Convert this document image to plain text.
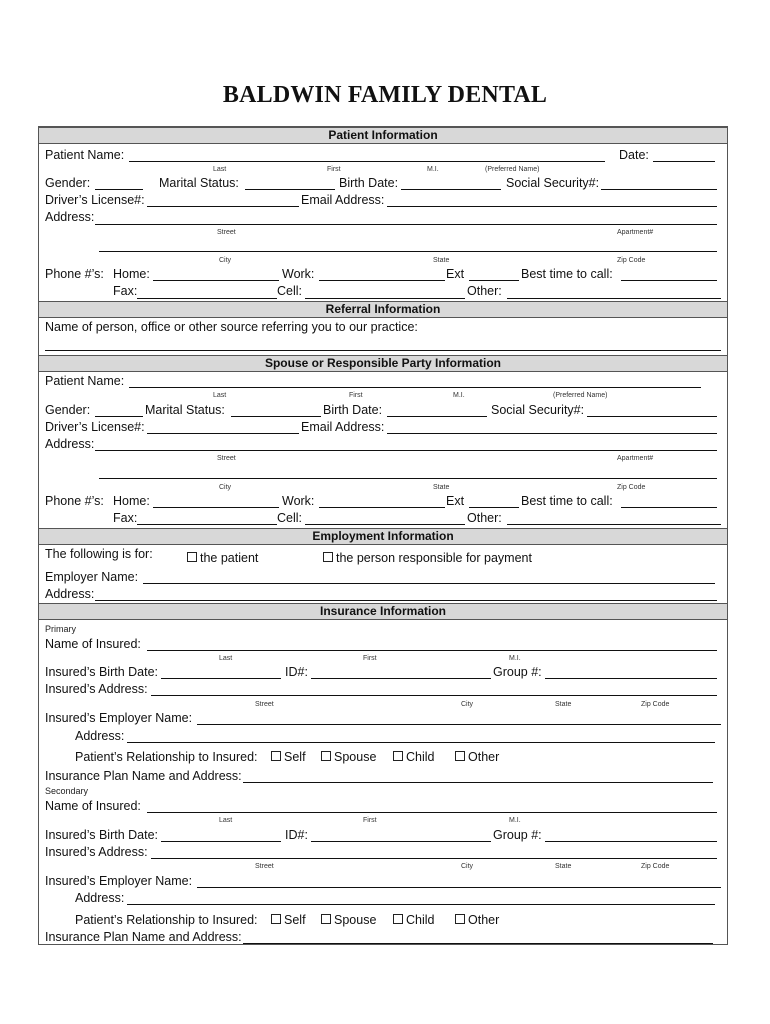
BALDWIN FAMILY DENTAL
Patient Information
Patient Name:	Date:
Last	First	M.I.	(Preferred Name)
Gender:	Marital Status:	Birth Date:	Social Security#:
Driver’s License#:	Email Address:
Address:
Street	Apartment#
City	State	Zip Code
Phone #’s: Home:	Work:	Ext	Best time to call:
Fax:	Cell:	Other:
Referral Information
Name of person, office or other source referring you to our practice:
Spouse or Responsible Party Information
Patient Name:
Last	First	M.I.	(Preferred Name)
Gender:	Marital Status:	Birth Date:	Social Security#:
Driver’s License#:	Email Address:
Address:
Street	Apartment#
City	State	Zip Code
Phone #’s: Home:	Work:	Ext	Best time to call:
Fax:	Cell:	Other:
Employment Information
The following is for:	the patient	the person responsible for payment
Employer Name:
Address:
Insurance Information
Primary
Name of Insured:
Last	First	M.I.
Insured’s Birth Date:	ID#:	Group #:
Insured’s Address:
Street	City	State	Zip Code
Insured’s Employer Name:
Address:
Patient’s Relationship to Insured:	Self	Spouse	Child	Other
Insurance Plan Name and Address:
Secondary
Name of Insured:
Last	First	M.I.
Insured’s Birth Date:	ID#:	Group #:
Insured’s Address:
Street	City	State	Zip Code
Insured’s Employer Name:
Address:
Patient’s Relationship to Insured:	Self	Spouse	Child	Other
Insurance Plan Name and Address:
